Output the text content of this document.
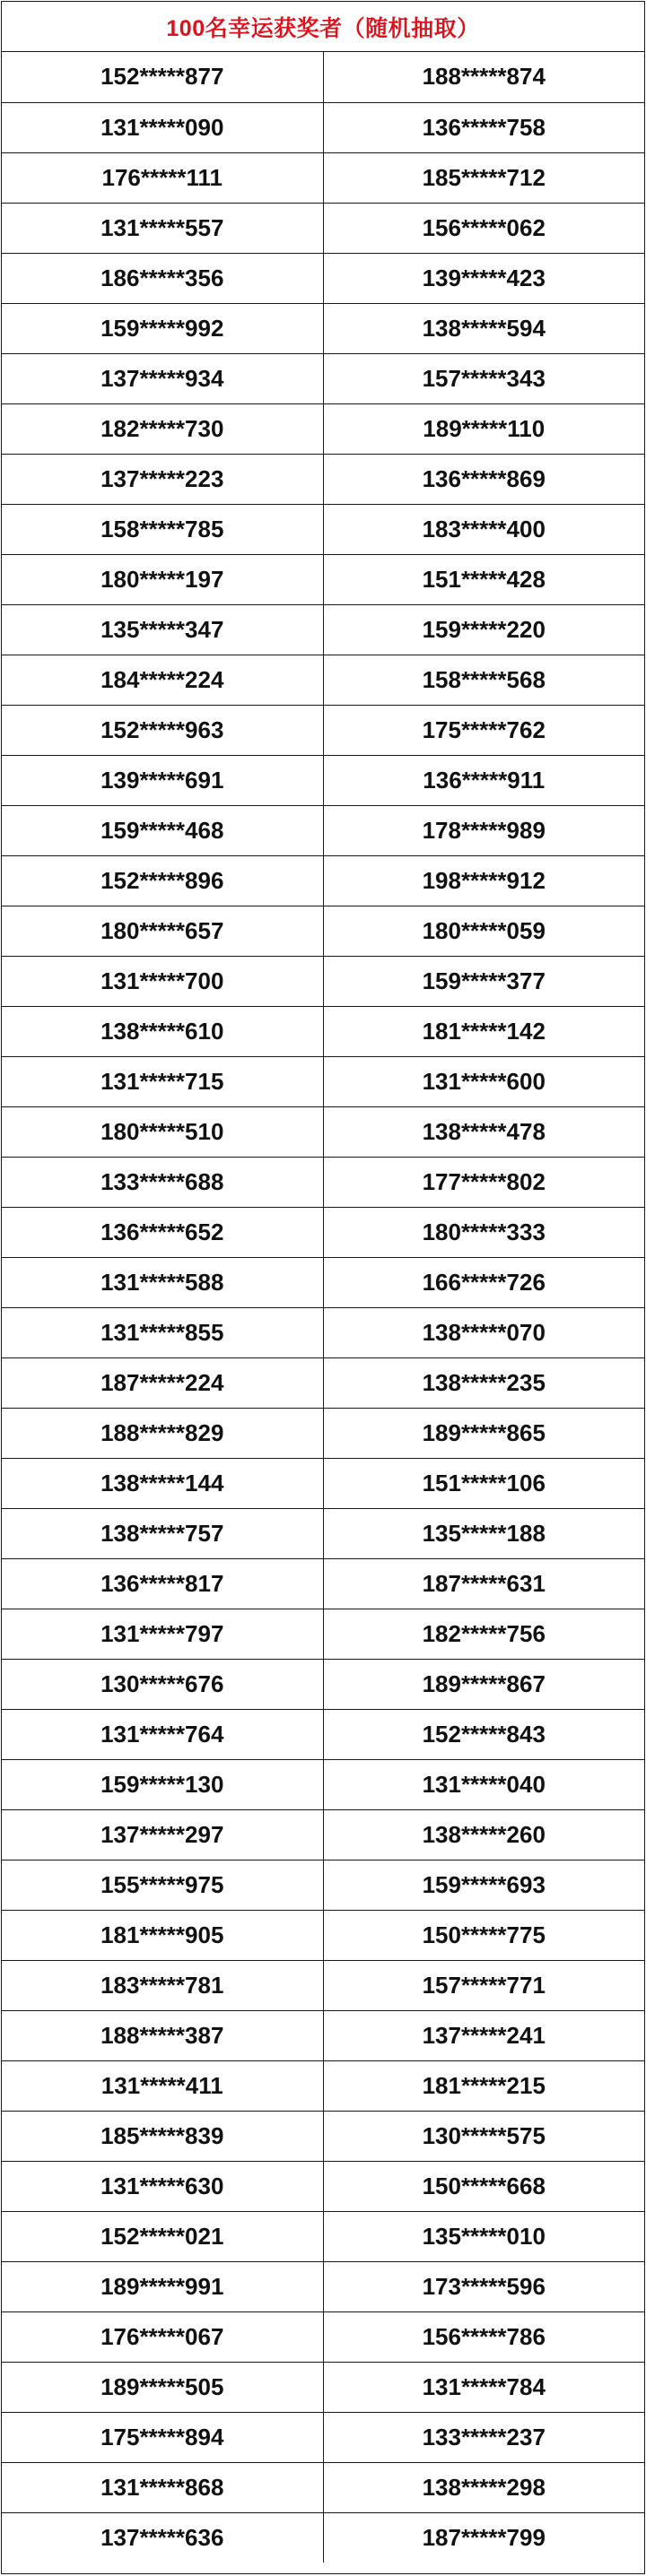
100名幸运获奖者（随机抽取）
152*****877	188*****874
131*****090	136*****758
176*****111	185*****712
131*****557	156*****062
186*****356	139*****423
159*****992	138*****594
137*****934	157*****343
182*****730	189*****110
137*****223	136*****869
158*****785	183*****400
180*****197	151*****428
135*****347	159*****220
184*****224	158*****568
152*****963	175*****762
139*****691	136*****911
159*****468	178*****989
152*****896	198*****912
180*****657	180*****059
131*****700	159*****377
138*****610	181*****142
131*****715	131*****600
180*****510	138*****478
133*****688	177*****802
136*****652	180*****333
131*****588	166*****726
131*****855	138*****070
187*****224	138*****235
188*****829	189*****865
138*****144	151*****106
138*****757	135*****188
136*****817	187*****631
131*****797	182*****756
130*****676	189*****867
131*****764	152*****843
159*****130	131*****040
137*****297	138*****260
155*****975	159*****693
181*****905	150*****775
183*****781	157*****771
188*****387	137*****241
131*****411	181*****215
185*****839	130*****575
131*****630	150*****668
152*****021	135*****010
189*****991	173*****596
176*****067	156*****786
189*****505	131*****784
175*****894	133*****237
131*****868	138*****298
137*****636	187*****799
